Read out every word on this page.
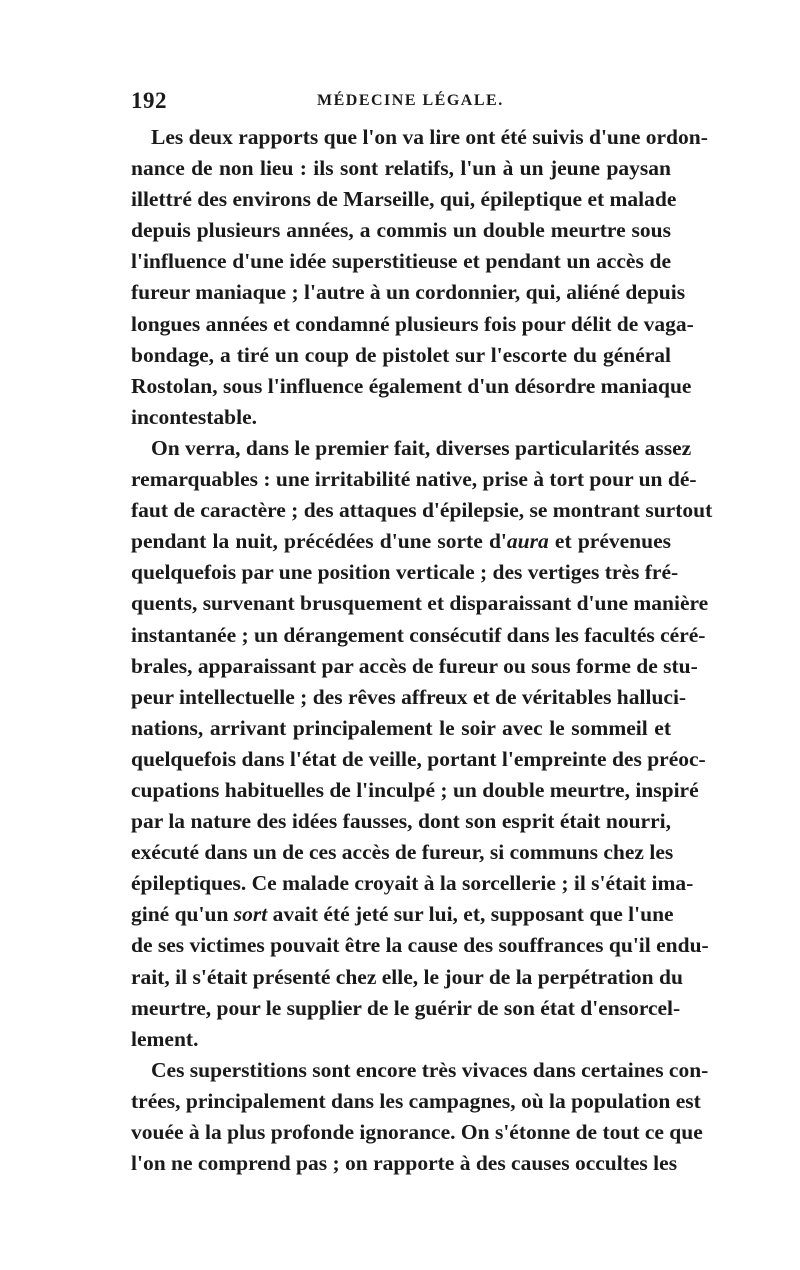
192	MÉDECINE LÉGALE.
Les deux rapports que l'on va lire ont été suivis d'une ordon-
nance de non lieu : ils sont relatifs, l'un à un jeune paysan
illettré des environs de Marseille, qui, épileptique et malade
depuis plusieurs années, a commis un double meurtre sous
l'influence d'une idée superstitieuse et pendant un accès de
fureur maniaque ; l'autre à un cordonnier, qui, aliéné depuis
longues années et condamné plusieurs fois pour délit de vaga-
bondage, a tiré un coup de pistolet sur l'escorte du général
Rostolan, sous l'influence également d'un désordre maniaque
incontestable.
On verra, dans le premier fait, diverses particularités assez
remarquables : une irritabilité native, prise à tort pour un dé-
faut de caractère ; des attaques d'épilepsie, se montrant surtout
pendant la nuit, précédées d'une sorte d'aura et prévenues
quelquefois par une position verticale ; des vertiges très fré-
quents, survenant brusquement et disparaissant d'une manière
instantanée ; un dérangement consécutif dans les facultés céré-
brales, apparaissant par accès de fureur ou sous forme de stu-
peur intellectuelle ; des rêves affreux et de véritables halluci-
nations, arrivant principalement le soir avec le sommeil et
quelquefois dans l'état de veille, portant l'empreinte des préoc-
cupations habituelles de l'inculpé ; un double meurtre, inspiré
par la nature des idées fausses, dont son esprit était nourri,
exécuté dans un de ces accès de fureur, si communs chez les
épileptiques. Ce malade croyait à la sorcellerie ; il s'était ima-
giné qu'un sort avait été jeté sur lui, et, supposant que l'une
de ses victimes pouvait être la cause des souffrances qu'il endu-
rait, il s'était présenté chez elle, le jour de la perpétration du
meurtre, pour le supplier de le guérir de son état d'ensorcel-
lement.
Ces superstitions sont encore très vivaces dans certaines con-
trées, principalement dans les campagnes, où la population est
vouée à la plus profonde ignorance. On s'étonne de tout ce que
l'on ne comprend pas ; on rapporte à des causes occultes les
